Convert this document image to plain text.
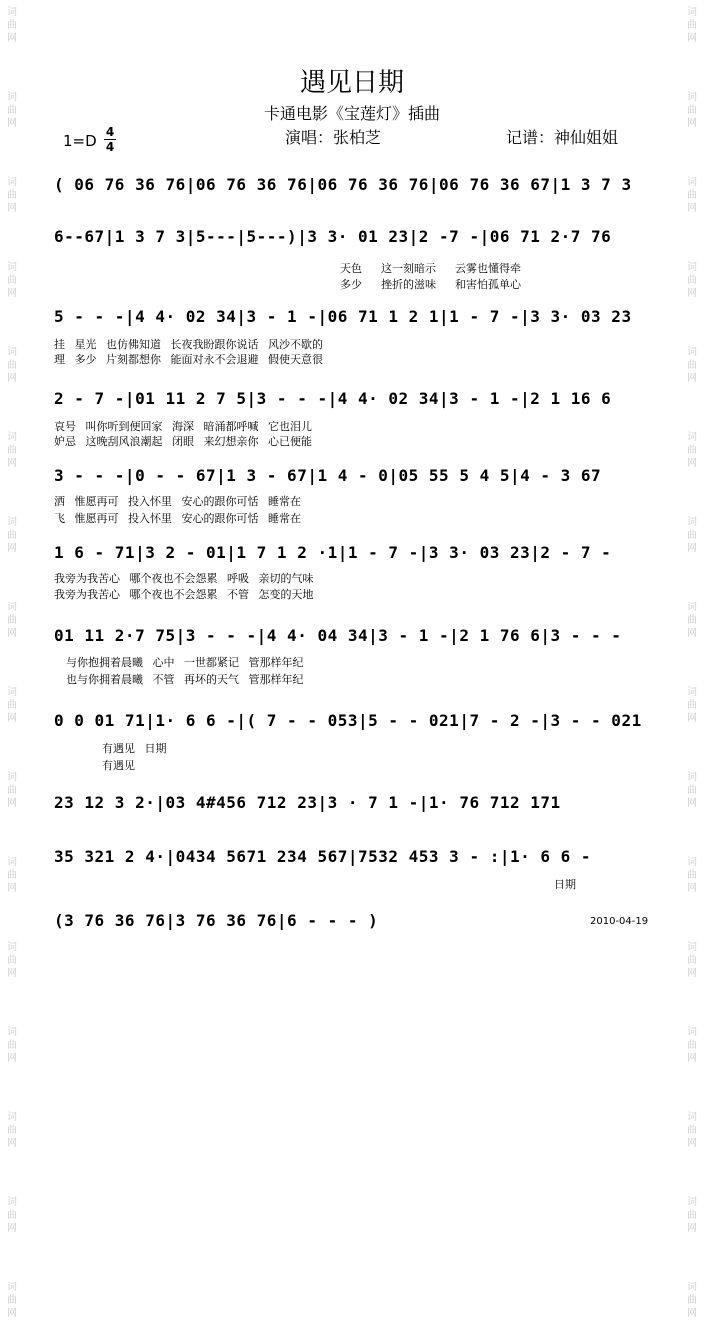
词曲网
词曲网
词曲网
词曲网
词曲网
词曲网
词曲网
词曲网
词曲网
词曲网
词曲网
词曲网
词曲网
词曲网
词曲网
词曲网
词曲网
词曲网
词曲网
词曲网
词曲网
词曲网
词曲网
词曲网
词曲网
词曲网
词曲网
词曲网
词曲网
词曲网
词曲网
词曲网
遇见日期
卡通电影《宝莲灯》插曲
1=D 4
4	演唱：张柏芝	记谱：神仙姐姐
( 06 76 36 76|06 76 36 76|06 76 36 76|06 76 36 67|1 3 7 3
6--67|1 3 7 3|5---|5---)|3 3· 01 23|2 -7 -|06 71 2·7 76
天色  这一刻暗示  云雾也懂得牵
多少  挫折的滋味  和害怕孤单心
5 - - -|4 4· 02 34|3 - 1 -|06 71 1 2 1|1 - 7 -|3 3· 03 23
挂 星光 也仿佛知道 长夜我盼跟你说话 风沙不歇的
理 多少 片刻都想你 能面对永不会退避 假使天意很
2 - 7 -|01 11 2 7 5|3 - - -|4 4· 02 34|3 - 1 -|2 1 16 6
哀号 叫你听到便回家 海深 暗涌都呼喊 它也泪儿
妒忌 这晚刮风浪潮起 闭眼 来幻想亲你 心已便能
3 - - -|0 - - 67|1 3 - 67|1 4 - 0|05 55 5 4 5|4 - 3 67
洒 惟愿再可 投入怀里 安心的跟你可恬 睡常在
飞 惟愿再可 投入怀里 安心的跟你可恬 睡常在
1 6 - 71|3 2 - 01|1 7 1 2 ·1|1 - 7 -|3 3· 03 23|2 - 7 -
我旁为我苦心 哪个夜也不会怨累 呼吸 亲切的气味
我旁为我苦心 哪个夜也不会怨累 不管 怎变的天地
01 11 2·7 75|3 - - -|4 4· 04 34|3 - 1 -|2 1 76 6|3 - - -
与你抱拥着晨曦 心中 一世都紧记 管那样年纪
也与你拥着晨曦 不管 再坏的天气 管那样年纪
0 0 01 71|1· 6 6 -|( 7 - - 053|5 - - 021|7 - 2 -|3 - - 021
有遇见 日期
有遇见
23 12 3 2·|03 4#456 712 23|3 · 7 1 -|1· 76 712 171
35 321 2 4·|0434 5671 234 567|7532 453 3 - :|1· 6 6 -
日期
(3 76 36 76|3 76 36 76|6 - - - )	2010-04-19
